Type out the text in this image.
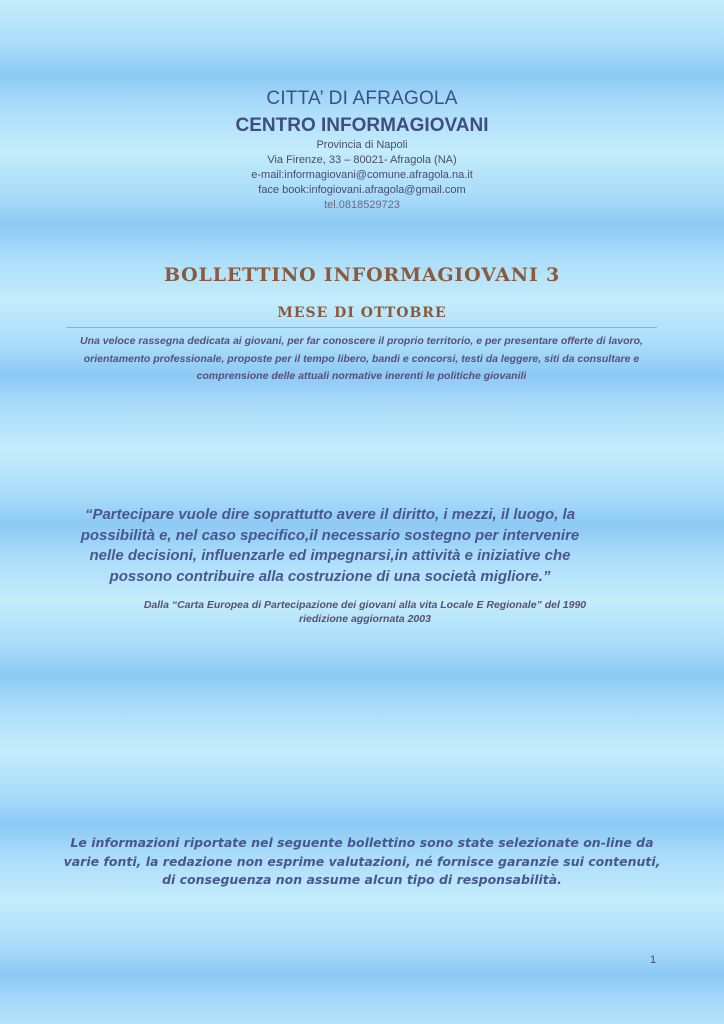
CITTA’ DI AFRAGOLA
CENTRO INFORMAGIOVANI
Provincia di Napoli
Via Firenze, 33 – 80021- Afragola (NA)
e-mail:informagiovani@comune.afragola.na.it
face book:infogiovani.afragola@gmail.com
tel.0818529723
BOLLETTINO INFORMAGIOVANI 3
MESE DI OTTOBRE
Una veloce rassegna dedicata ai giovani, per far conoscere il proprio territorio, e per presentare offerte di lavoro,
orientamento professionale, proposte per il tempo libero, bandi e concorsi, testi da leggere, siti da consultare e
comprensione delle attuali normative inerenti le politiche giovanili
“Partecipare vuole dire soprattutto avere il diritto, i mezzi, il luogo, la
possibilità e, nel caso specifico,il necessario sostegno per intervenire
nelle decisioni, influenzarle ed impegnarsi,in attività e iniziative che
possono contribuire alla costruzione di una società migliore.”
Dalla “Carta Europea di Partecipazione dei giovani alla vita Locale E Regionale” del 1990
riedizione aggiornata 2003
Le informazioni riportate nel seguente bollettino sono state selezionate on-line da
varie fonti, la redazione non esprime valutazioni, né fornisce garanzie sui contenuti,
di conseguenza non assume alcun tipo di responsabilità.
1
